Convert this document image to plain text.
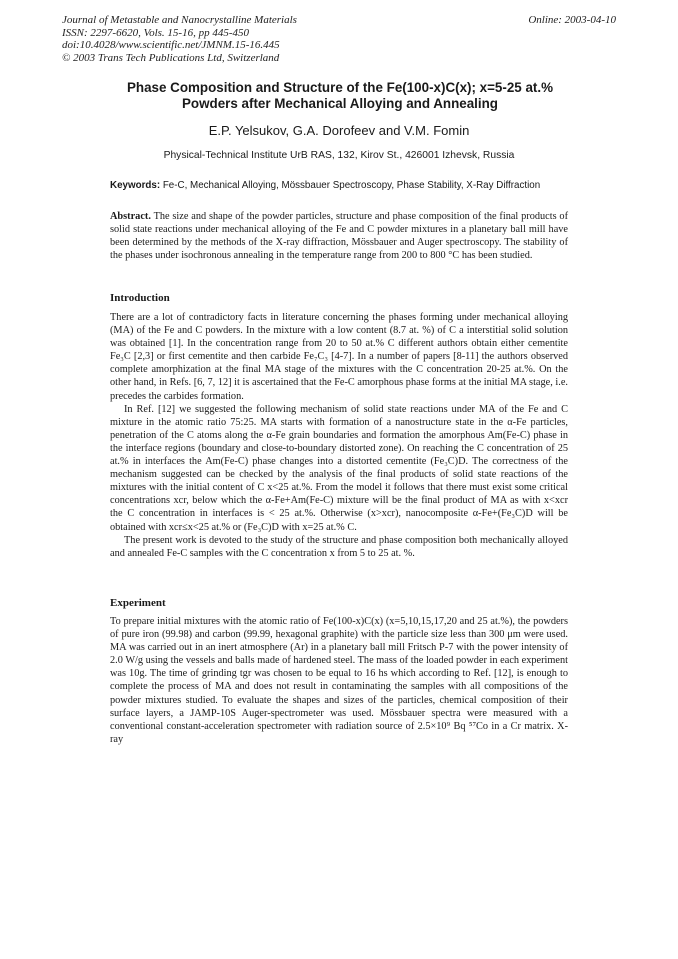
Journal of Metastable and Nanocrystalline Materials
ISSN: 2297-6620, Vols. 15-16, pp 445-450
doi:10.4028/www.scientific.net/JMNM.15-16.445
© 2003 Trans Tech Publications Ltd, Switzerland
Online: 2003-04-10
Phase Composition and Structure of the Fe(100-x)C(x); x=5-25 at.%
Powders after Mechanical Alloying and Annealing
E.P. Yelsukov, G.A. Dorofeev and V.M. Fomin
Physical-Technical Institute UrB RAS, 132, Kirov St., 426001 Izhevsk, Russia
Keywords: Fe-C, Mechanical Alloying, Mössbauer Spectroscopy, Phase Stability, X-Ray Diffraction
Abstract. The size and shape of the powder particles, structure and phase composition of the final products of solid state reactions under mechanical alloying of the Fe and C powder mixtures in a planetary ball mill have been determined by the methods of the X-ray diffraction, Mössbauer and Auger spectroscopy. The stability of the phases under isochronous annealing in the temperature range from 200 to 800 °C has been studied.
Introduction

There are a lot of contradictory facts in literature concerning the phases forming under mechanical alloying (MA) of the Fe and C powders. In the mixture with a low content (8.7 at. %) of C a interstitial solid solution was obtained [1]. In the concentration range from 20 to 50 at.% C different authors obtain either cementite Fe₃C [2,3] or first cementite and then carbide Fe₇C₃ [4-7]. In a number of papers [8-11] the authors observed complete amorphization at the final MA stage of the mixtures with the C concentration 20-25 at.%. On the other hand, in Refs. [6, 7, 12] it is ascertained that the Fe-C amorphous phase forms at the initial MA stage, i.e. precedes the carbides formation.

In Ref. [12] we suggested the following mechanism of solid state reactions under MA of the Fe and C mixture in the atomic ratio 75:25. MA starts with formation of a nanostructure state in the α-Fe particles, penetration of the C atoms along the α-Fe grain boundaries and formation the amorphous Am(Fe-C) phase in the interface regions (boundary and close-to-boundary distorted zone). On reaching the C concentration of 25 at.% in interfaces the Am(Fe-C) phase changes into a distorted cementite (Fe₃C)D. The correctness of the mechanism suggested can be checked by the analysis of the final products of solid state reactions of the mixtures with the initial content of C x<25 at.%. From the model it follows that there must exist some critical concentrations xcr, below which the α-Fe+Am(Fe-C) mixture will be the final product of MA as with x<xcr the C concentration in interfaces is < 25 at.%. Otherwise (x>xcr), nanocomposite α-Fe+(Fe₃C)D will be obtained with xcr≤x<25 at.% or (Fe₃C)D with x=25 at.% C.

The present work is devoted to the study of the structure and phase composition both mechanically alloyed and annealed Fe-C samples with the C concentration x from 5 to 25 at. %.

Experiment

To prepare initial mixtures with the atomic ratio of Fe(100-x)C(x) (x=5,10,15,17,20 and 25 at.%), the powders of pure iron (99.98) and carbon (99.99, hexagonal graphite) with the particle size less than 300 μm were used. MA was carried out in an inert atmosphere (Ar) in a planetary ball mill Fritsch P-7 with the power intensity of 2.0 W/g using the vessels and balls made of hardened steel. The mass of the loaded powder in each experiment was 10g. The time of grinding tgr was chosen to be equal to 16 hs which according to Ref. [12], is enough to complete the process of MA and does not result in contaminating the samples with all compositions of the powder mixtures studied. To evaluate the shapes and sizes of the particles, chemical composition of their surface layers, a JAMP-10S Auger-spectrometer was used. Mössbauer spectra were measured with a conventional constant-acceleration spectrometer with radiation source of 2.5×10⁹ Bq ⁵⁷Co in a Cr matrix. X-ray
